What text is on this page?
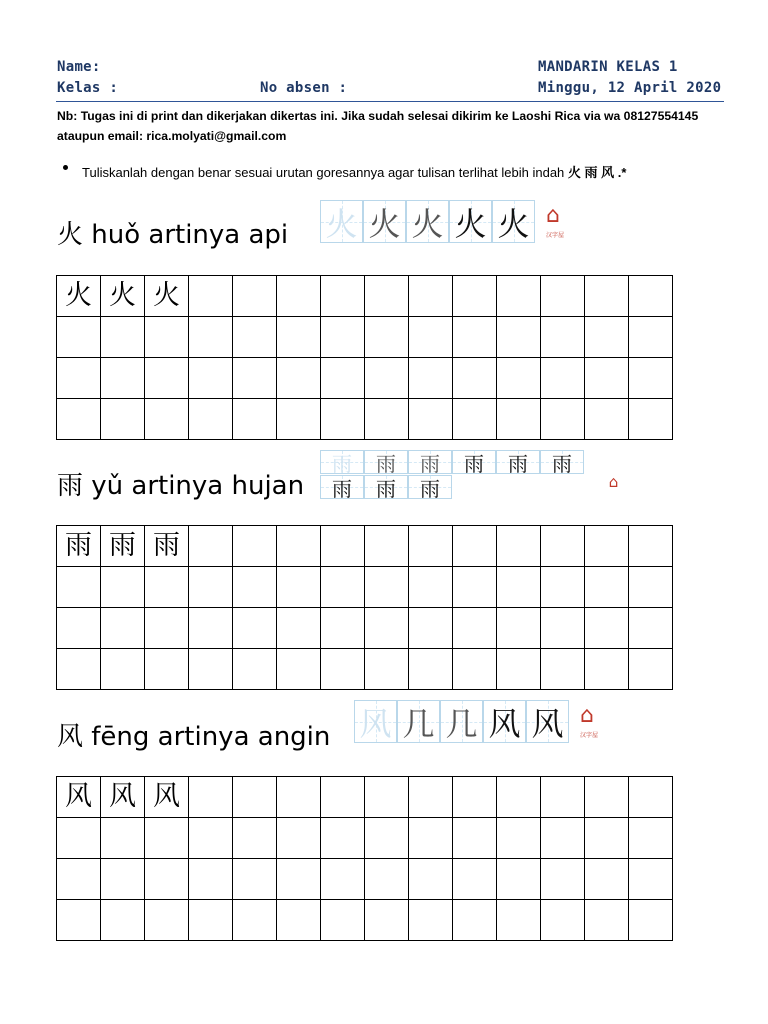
Name:
Kelas :	No absen :
MANDARIN KELAS 1
Minggu, 12 April 2020
Nb: Tugas ini di print dan dikerjakan dikertas ini. Jika sudah selesai dikirim ke Laoshi Rica via wa 08127554145 ataupun email: rica.molyati@gmail.com
Tuliskanlah dengan benar sesuai urutan goresannya agar tulisan terlihat lebih indah 火 雨 风 .*
火 huǒ artinya api 火 火 火 火 火 ⌂
汉字屋
火	火	火											

雨 yǔ artinya hujan
雨	雨	雨	雨	雨	雨
雨	雨	雨	⌂
雨	雨	雨											

风 fēng artinya angin 风 几 几 风 风 ⌂
汉字屋
风	风	风											
